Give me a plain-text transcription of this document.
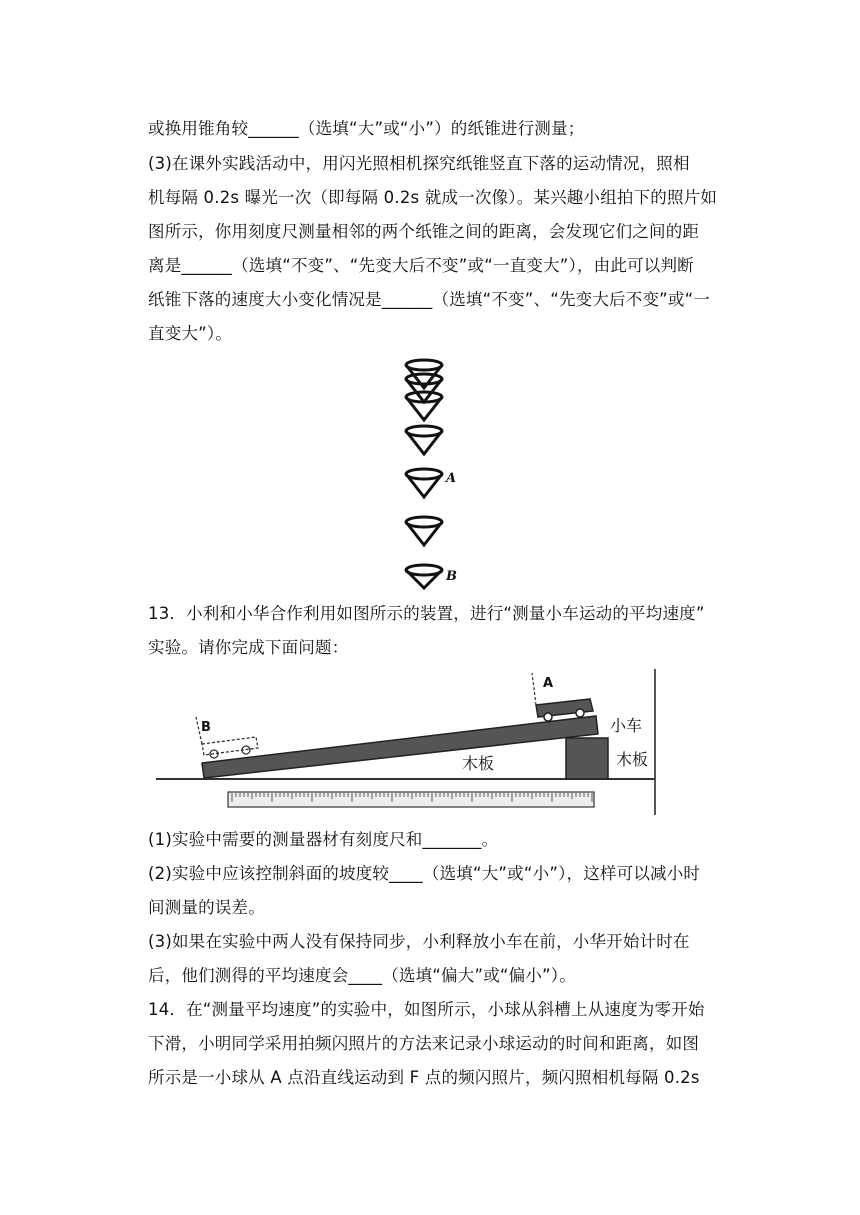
或换用锥角较______（选填“大”或“小”）的纸锥进行测量；
(3)在课外实践活动中，用闪光照相机探究纸锥竖直下落的运动情况，照相
机每隔 0.2s 曝光一次（即每隔 0.2s 就成一次像）。某兴趣小组拍下的照片如
图所示，你用刻度尺测量相邻的两个纸锥之间的距离，会发现它们之间的距
离是______（选填“不变”、“先变大后不变”或“一直变大”），由此可以判断
纸锥下落的速度大小变化情况是______（选填“不变”、“先变大后不变”或“一
直变大”）。
A
B
13．小利和小华合作利用如图所示的装置，进行“测量小车运动的平均速度”
实验。请你完成下面问题：
A
B	小车
木板
木板
(1)实验中需要的测量器材有刻度尺和_______。
(2)实验中应该控制斜面的坡度较____（选填“大”或“小”），这样可以减小时
间测量的误差。
(3)如果在实验中两人没有保持同步，小利释放小车在前，小华开始计时在
后，他们测得的平均速度会____（选填“偏大”或“偏小”）。
14．在“测量平均速度”的实验中，如图所示，小球从斜槽上从速度为零开始
下滑，小明同学采用拍频闪照片的方法来记录小球运动的时间和距离，如图
所示是一小球从 A 点沿直线运动到 F 点的频闪照片，频闪照相机每隔 0.2s
